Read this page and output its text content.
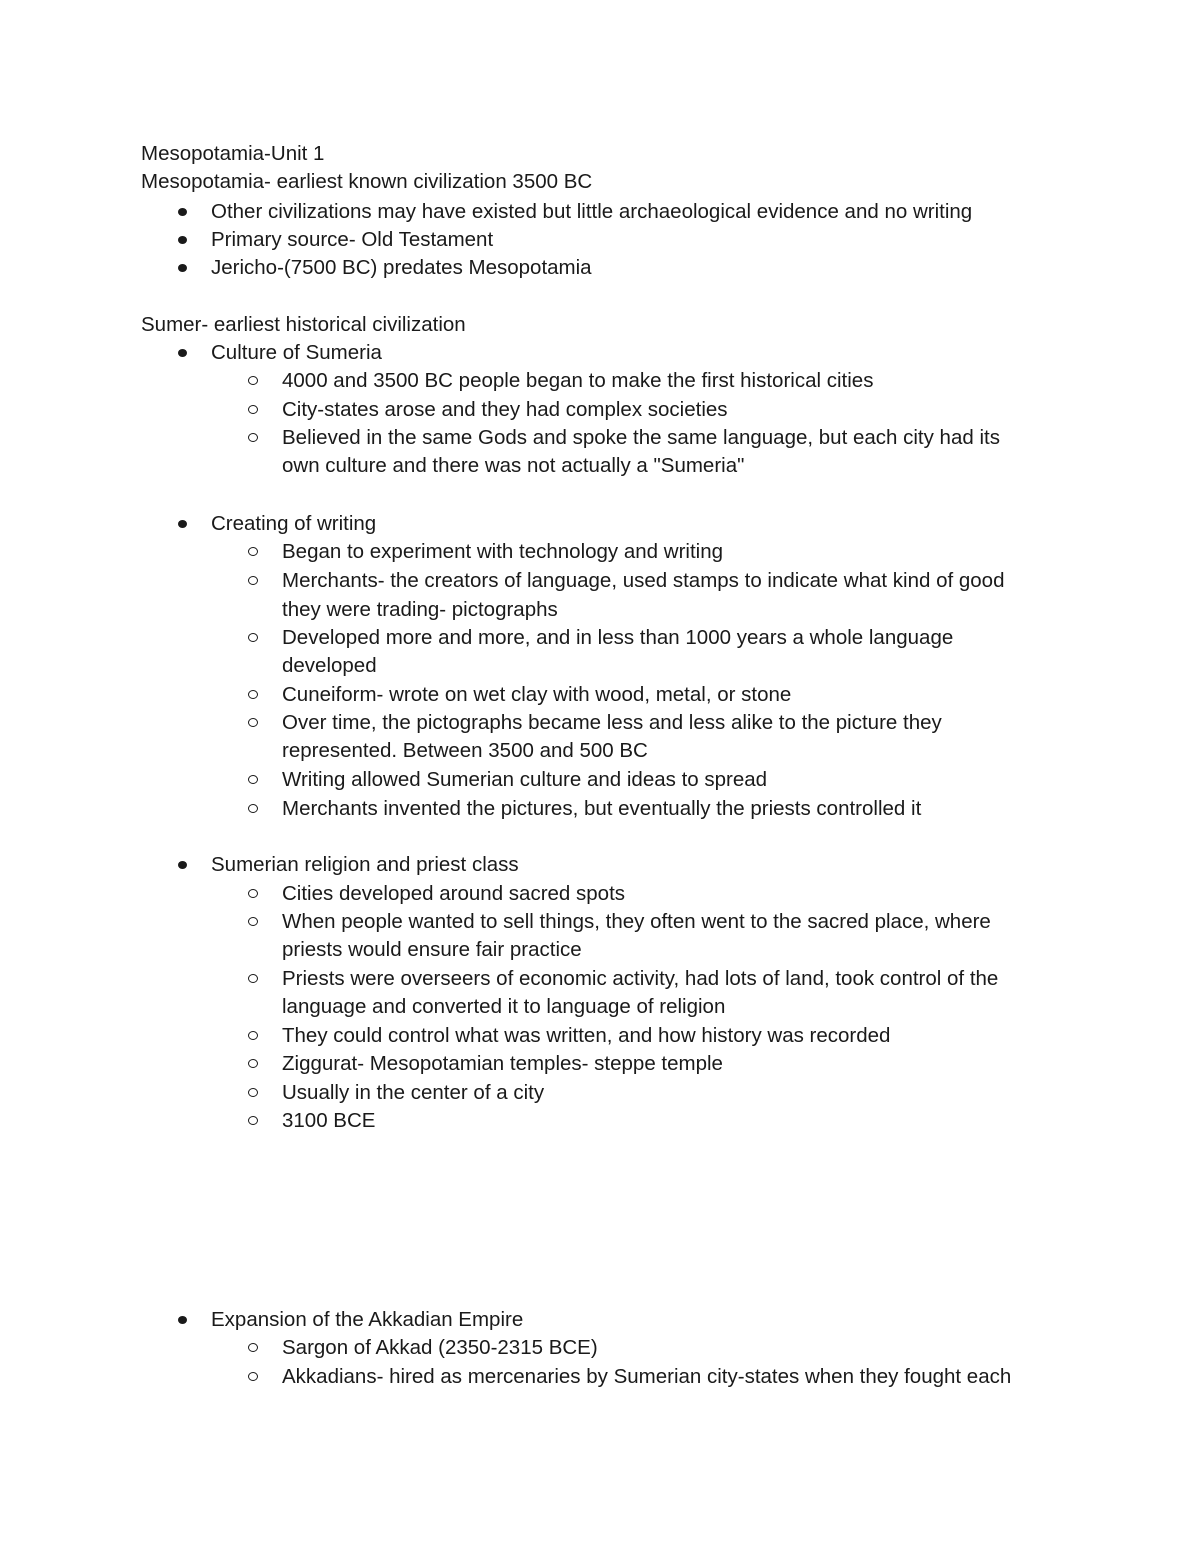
Mesopotamia-Unit 1
Mesopotamia- earliest known civilization 3500 BC
Other civilizations may have existed but little archaeological evidence and no writing
Primary source- Old Testament
Jericho-(7500 BC) predates Mesopotamia
Sumer- earliest historical civilization
Culture of Sumeria
4000 and 3500 BC people began to make the first historical cities
City-states arose and they had complex societies
Believed in the same Gods and spoke the same language, but each city had its
own culture and there was not actually a "Sumeria"
Creating of writing
Began to experiment with technology and writing
Merchants- the creators of language, used stamps to indicate what kind of good
they were trading- pictographs
Developed more and more, and in less than 1000 years a whole language
developed
Cuneiform- wrote on wet clay with wood, metal, or stone
Over time, the pictographs became less and less alike to the picture they
represented. Between 3500 and 500 BC
Writing allowed Sumerian culture and ideas to spread
Merchants invented the pictures, but eventually the priests controlled it
Sumerian religion and priest class
Cities developed around sacred spots
When people wanted to sell things, they often went to the sacred place, where
priests would ensure fair practice
Priests were overseers of economic activity, had lots of land, took control of the
language and converted it to language of religion
They could control what was written, and how history was recorded
Ziggurat- Mesopotamian temples- steppe temple
Usually in the center of a city
3100 BCE
Expansion of the Akkadian Empire
Sargon of Akkad (2350-2315 BCE)
Akkadians- hired as mercenaries by Sumerian city-states when they fought each
